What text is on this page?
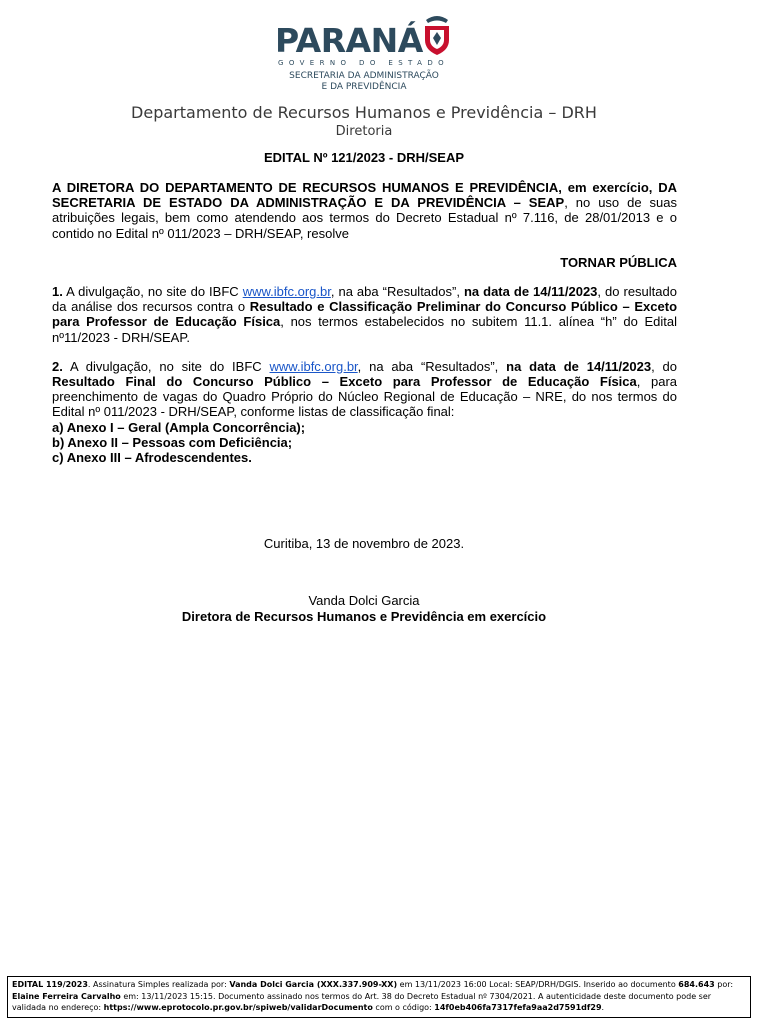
PARANÁ
GOVERNO DO ESTADO
SECRETARIA DA ADMINISTRAÇÃO
E DA PREVIDÊNCIA
Departamento de Recursos Humanos e Previdência – DRH
Diretoria
EDITAL Nº 121/2023 - DRH/SEAP

A DIRETORA DO DEPARTAMENTO DE RECURSOS HUMANOS E PREVIDÊNCIA, em exercício, DA SECRETARIA DE ESTADO DA ADMINISTRAÇÃO E DA PREVIDÊNCIA – SEAP, no uso de suas atribuições legais, bem como atendendo aos termos do Decreto Estadual nº 7.116, de 28/01/2013 e o contido no Edital nº 011/2023 – DRH/SEAP, resolve

TORNAR PÚBLICA

1. A divulgação, no site do IBFC www.ibfc.org.br, na aba “Resultados”, na data de 14/11/2023, do resultado da análise dos recursos contra o Resultado e Classificação Preliminar do Concurso Público – Exceto para Professor de Educação Física, nos termos estabelecidos no subitem 11.1. alínea “h” do Edital nº11/2023 - DRH/SEAP.

2. A divulgação, no site do IBFC www.ibfc.org.br, na aba “Resultados”, na data de 14/11/2023, do Resultado Final do Concurso Público – Exceto para Professor de Educação Física, para preenchimento de vagas do Quadro Próprio do Núcleo Regional de Educação – NRE, do nos termos do Edital nº 011/2023 - DRH/SEAP, conforme listas de classificação final:

a) Anexo I – Geral (Ampla Concorrência);

b) Anexo II – Pessoas com Deficiência;

c) Anexo III – Afrodescendentes.

Curitiba, 13 de novembro de 2023.
Vanda Dolci Garcia
Diretora de Recursos Humanos e Previdência em exercício
EDITAL 119/2023. Assinatura Simples realizada por: Vanda Dolci Garcia (XXX.337.909-XX) em 13/11/2023 16:00 Local: SEAP/DRH/DGIS. Inserido ao documento 684.643 por: Elaine Ferreira Carvalho em: 13/11/2023 15:15. Documento assinado nos termos do Art. 38 do Decreto Estadual nº 7304/2021. A autenticidade deste documento pode ser validada no endereço: https://www.eprotocolo.pr.gov.br/spiweb/validarDocumento com o código: 14f0eb406fa7317fefa9aa2d7591df29.
